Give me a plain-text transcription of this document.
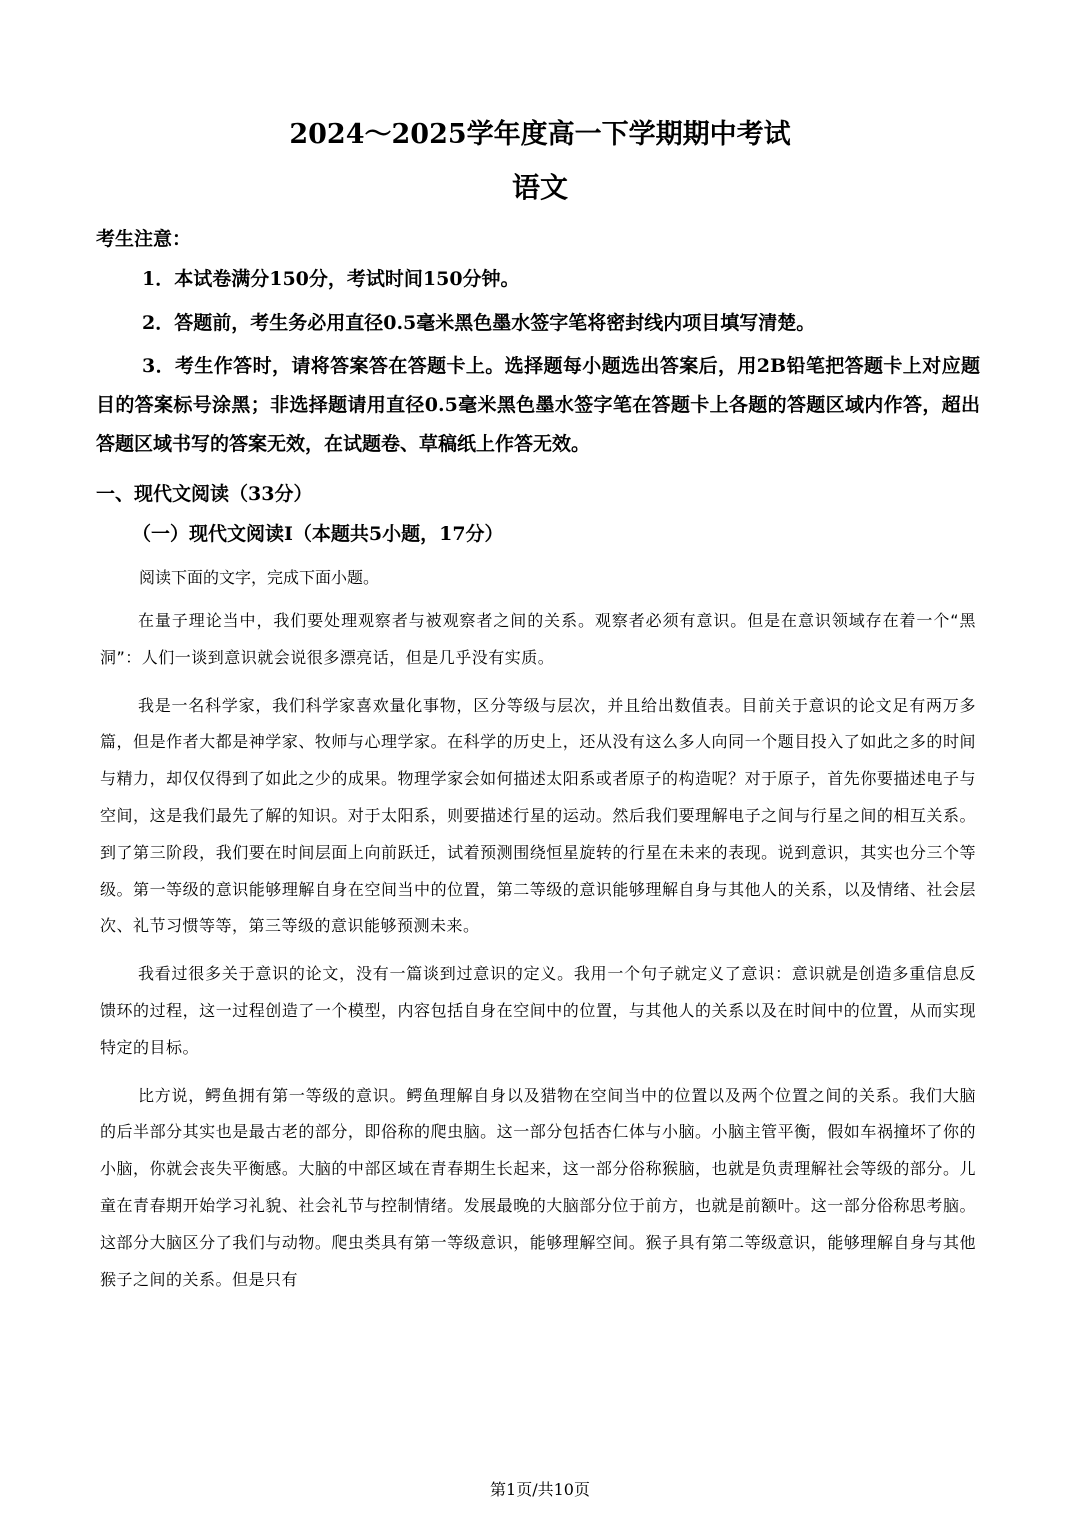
2024～2025学年度高一下学期期中考试
语文
考生注意：
1．本试卷满分150分，考试时间150分钟。
2．答题前，考生务必用直径0.5毫米黑色墨水签字笔将密封线内项目填写清楚。
3．考生作答时，请将答案答在答题卡上。选择题每小题选出答案后，用2B铅笔把答题卡上对应题目的答案标号涂黑；非选择题请用直径0.5毫米黑色墨水签字笔在答题卡上各题的答题区域内作答，超出答题区域书写的答案无效，在试题卷、草稿纸上作答无效。
一、现代文阅读（33分）
（一）现代文阅读Ⅰ（本题共5小题，17分）
阅读下面的文字，完成下面小题。

在量子理论当中，我们要处理观察者与被观察者之间的关系。观察者必须有意识。但是在意识领域存在着一个“黑洞”：人们一谈到意识就会说很多漂亮话，但是几乎没有实质。

我是一名科学家，我们科学家喜欢量化事物，区分等级与层次，并且给出数值表。目前关于意识的论文足有两万多篇，但是作者大都是神学家、牧师与心理学家。在科学的历史上，还从没有这么多人向同一个题目投入了如此之多的时间与精力，却仅仅得到了如此之少的成果。物理学家会如何描述太阳系或者原子的构造呢？对于原子，首先你要描述电子与空间，这是我们最先了解的知识。对于太阳系，则要描述行星的运动。然后我们要理解电子之间与行星之间的相互关系。到了第三阶段，我们要在时间层面上向前跃迁，试着预测围绕恒星旋转的行星在未来的表现。说到意识，其实也分三个等级。第一等级的意识能够理解自身在空间当中的位置，第二等级的意识能够理解自身与其他人的关系，以及情绪、社会层次、礼节习惯等等，第三等级的意识能够预测未来。

我看过很多关于意识的论文，没有一篇谈到过意识的定义。我用一个句子就定义了意识：意识就是创造多重信息反馈环的过程，这一过程创造了一个模型，内容包括自身在空间中的位置，与其他人的关系以及在时间中的位置，从而实现特定的目标。

比方说，鳄鱼拥有第一等级的意识。鳄鱼理解自身以及猎物在空间当中的位置以及两个位置之间的关系。我们大脑的后半部分其实也是最古老的部分，即俗称的爬虫脑。这一部分包括杏仁体与小脑。小脑主管平衡，假如车祸撞坏了你的小脑，你就会丧失平衡感。大脑的中部区域在青春期生长起来，这一部分俗称猴脑，也就是负责理解社会等级的部分。儿童在青春期开始学习礼貌、社会礼节与控制情绪。发展最晚的大脑部分位于前方，也就是前额叶。这一部分俗称思考脑。这部分大脑区分了我们与动物。爬虫类具有第一等级意识，能够理解空间。猴子具有第二等级意识，能够理解自身与其他猴子之间的关系。但是只有

第1页/共10页
